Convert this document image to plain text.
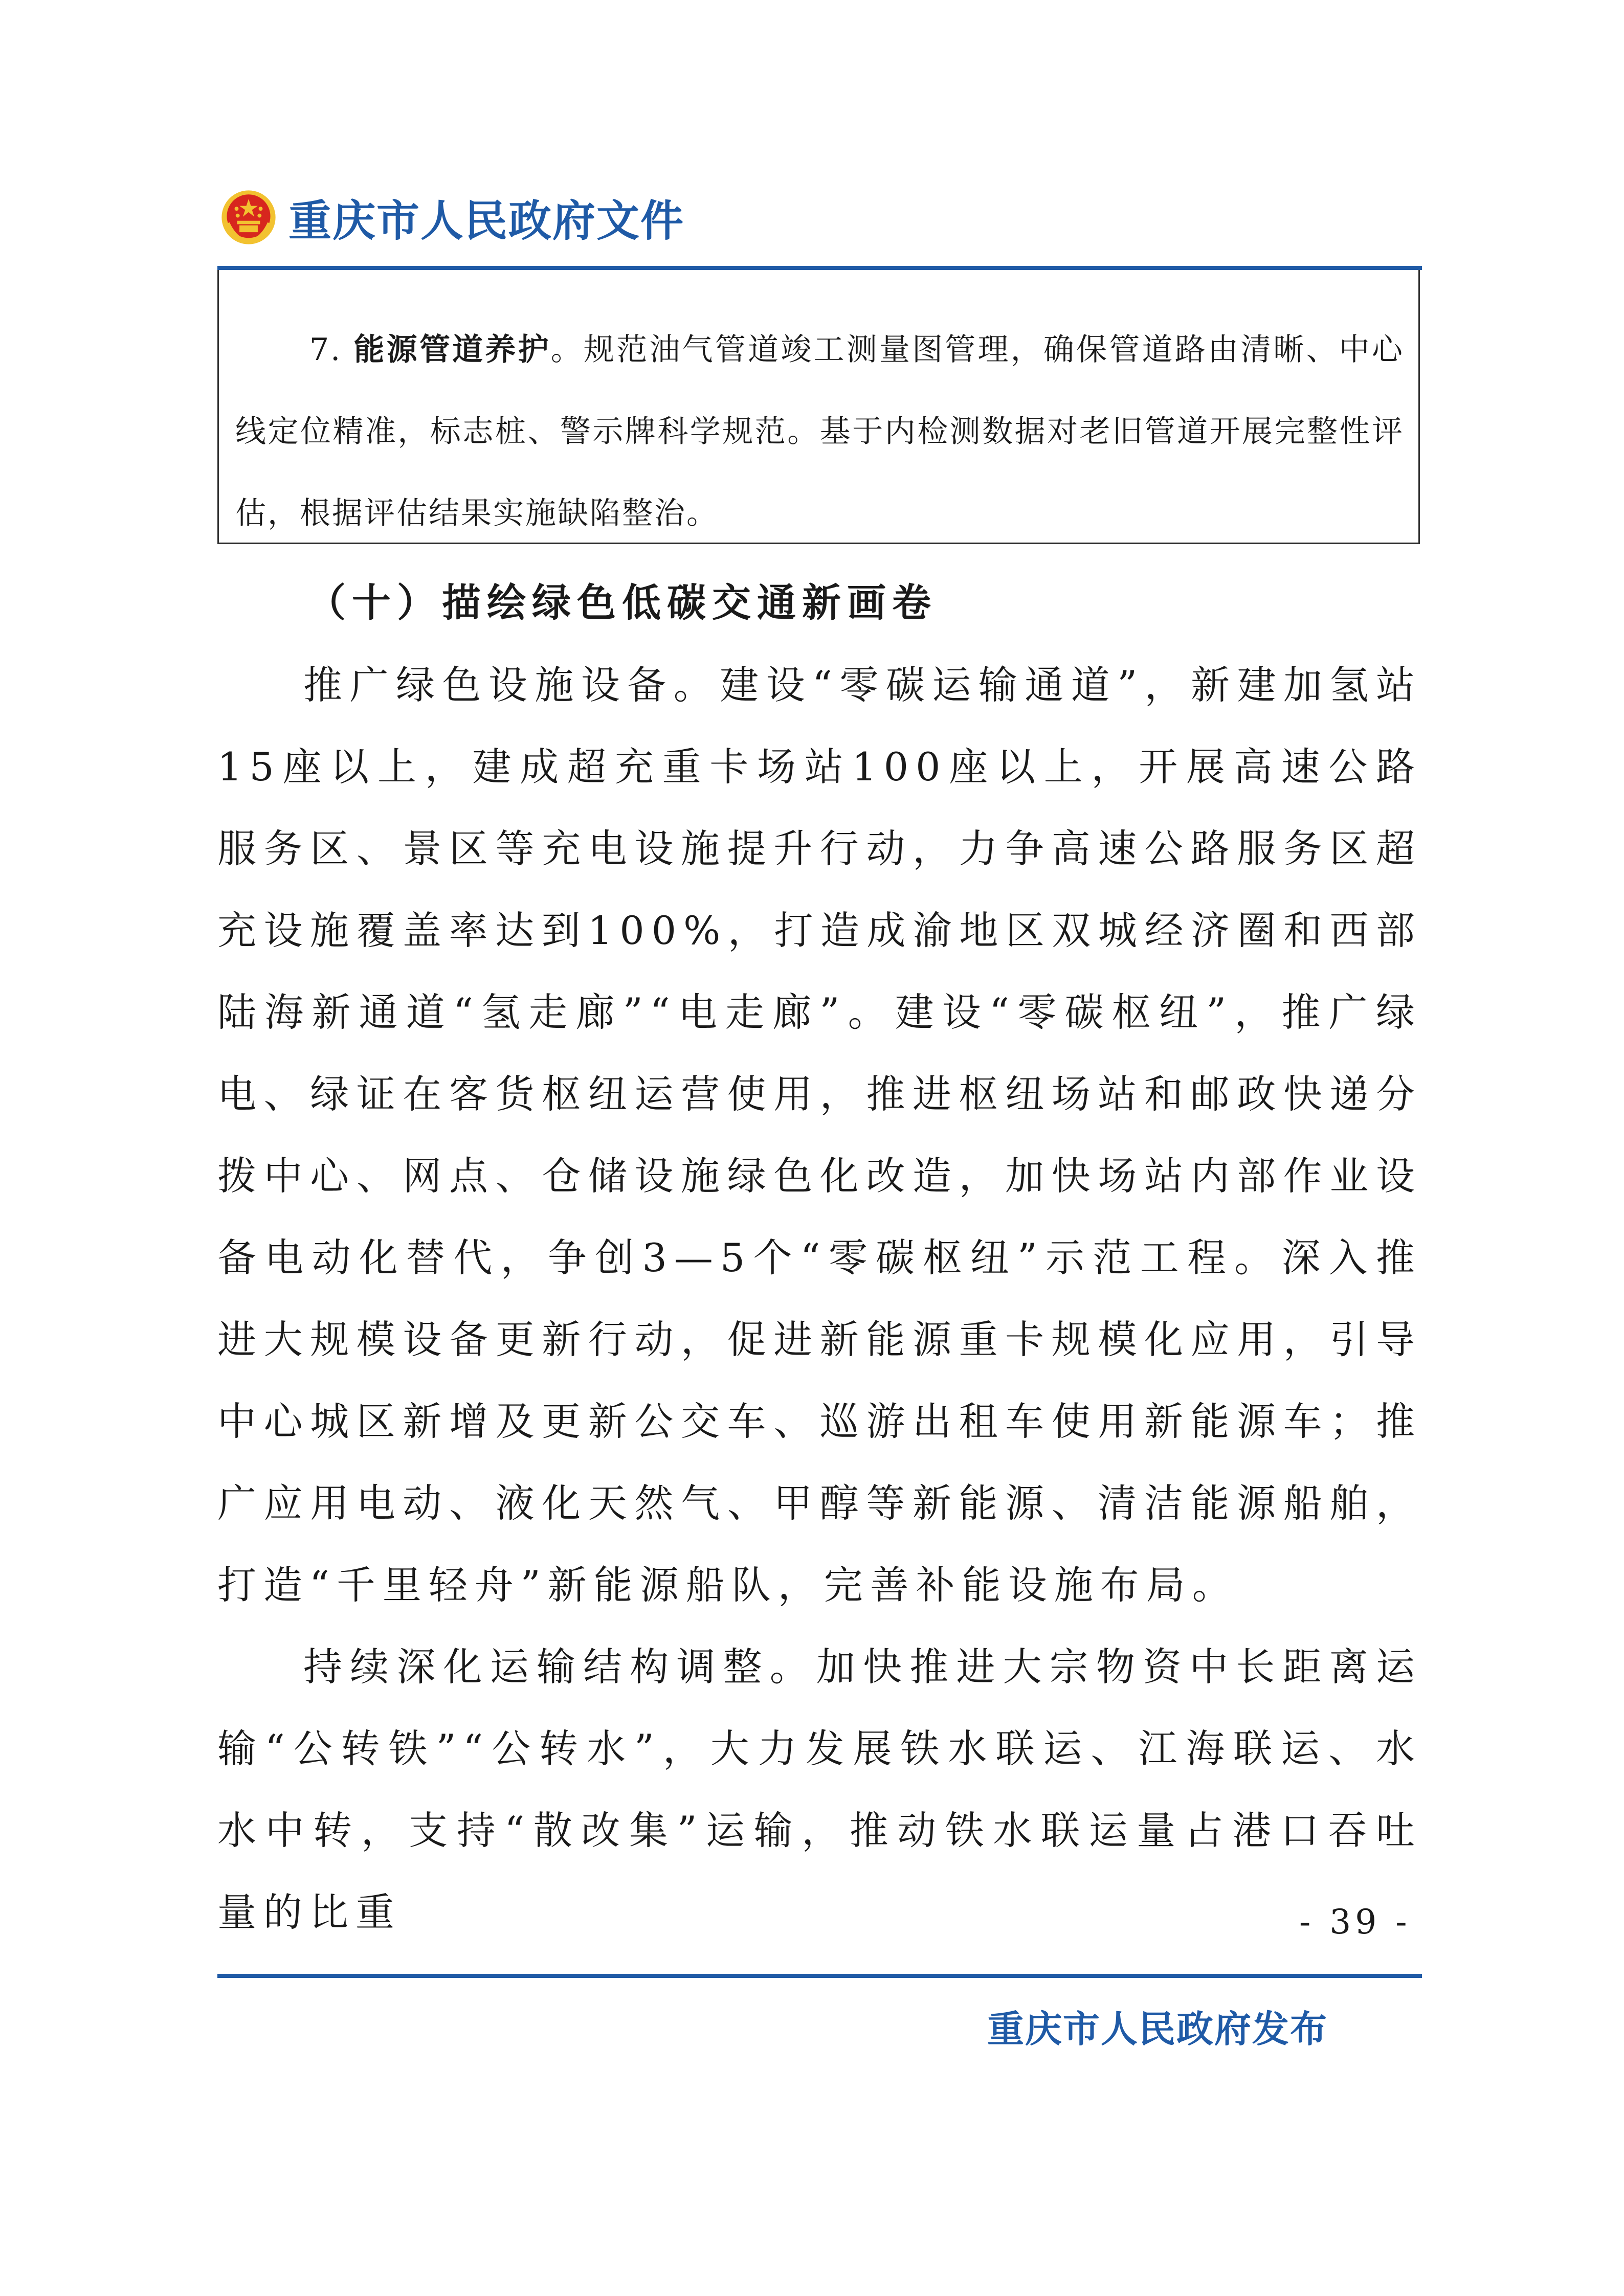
重庆市人民政府文件

7. 能源管道养护。规范油气管道竣工测量图管理，确保管道路由清晰、中心线定位精准，标志桩、警示牌科学规范。基于内检测数据对老旧管道开展完整性评估，根据评估结果实施缺陷整治。

（十）描绘绿色低碳交通新画卷

推广绿色设施设备。建设“零碳运输通道”，新建加氢站15座以上，建成超充重卡场站100座以上，开展高速公路服务区、景区等充电设施提升行动，力争高速公路服务区超充设施覆盖率达到100%，打造成渝地区双城经济圈和西部陆海新通道“氢走廊”“电走廊”。建设“零碳枢纽”，推广绿电、绿证在客货枢纽运营使用，推进枢纽场站和邮政快递分拨中心、网点、仓储设施绿色化改造，加快场站内部作业设备电动化替代，争创3—5个“零碳枢纽”示范工程。深入推进大规模设备更新行动，促进新能源重卡规模化应用，引导中心城区新增及更新公交车、巡游出租车使用新能源车；推广应用电动、液化天然气、甲醇等新能源、清洁能源船舶，打造“千里轻舟”新能源船队，完善补能设施布局。

持续深化运输结构调整。加快推进大宗物资中长距离运输“公转铁”“公转水”，大力发展铁水联运、江海联运、水水中转，支持“散改集”运输，推动铁水联运量占港口吞吐量的比重	- 39 -
重庆市人民政府发布
